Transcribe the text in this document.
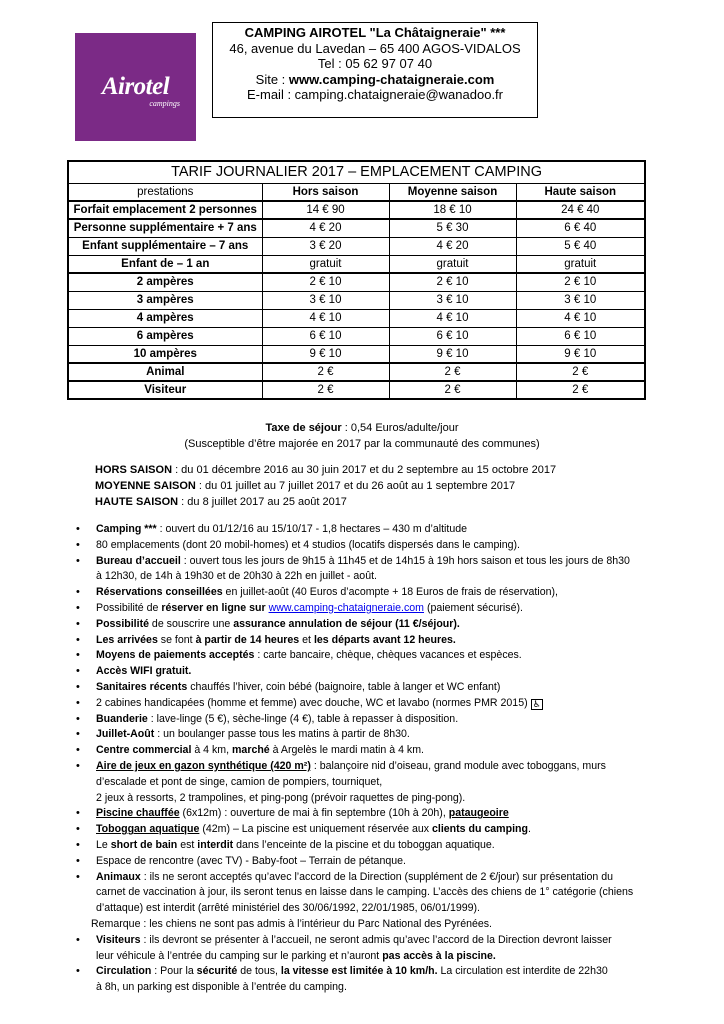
Airotel
campings
CAMPING AIROTEL "La Châtaigneraie" ***
46, avenue du Lavedan – 65 400 AGOS-VIDALOS
Tel : 05 62 97 07 40
Site : www.camping-chataigneraie.com
E-mail : camping.chataigneraie@wanadoo.fr
TARIF JOURNALIER 2017 – EMPLACEMENT CAMPING			
prestations	Hors saison	Moyenne saison	Haute saison
Forfait emplacement 2 personnes	14 € 90	18 € 10	24 € 40
Personne supplémentaire + 7 ans	4 € 20	5 € 30	6 € 40
Enfant supplémentaire – 7 ans	3 € 20	4 € 20	5 € 40
Enfant de – 1 an	gratuit	gratuit	gratuit
2 ampères	2 € 10	2 € 10	2 € 10
3 ampères	3 € 10	3 € 10	3 € 10
4 ampères	4 € 10	4 € 10	4 € 10
6 ampères	6 € 10	6 € 10	6 € 10
10 ampères	9 € 10	9 € 10	9 € 10
Animal	2 €	2 €	2 €
Visiteur	2 €	2 €	2 €
Taxe de séjour : 0,54 Euros/adulte/jour
(Susceptible d’être majorée en 2017 par la communauté des communes)
HORS SAISON : du 01 décembre 2016 au 30 juin 2017 et du 2 septembre au 15 octobre 2017
MOYENNE SAISON : du 01 juillet au 7 juillet 2017 et du 26 août au 1 septembre 2017
HAUTE SAISON : du 8 juillet 2017 au 25 août 2017
• Camping *** : ouvert du 01/12/16 au 15/10/17 - 1,8 hectares – 430 m d’altitude
• 80 emplacements (dont 20 mobil-homes) et 4 studios (locatifs dispersés dans le camping).
• Bureau d’accueil : ouvert tous les jours de 9h15 à 11h45 et de 14h15 à 19h hors saison et tous les jours de 8h30
à 12h30, de 14h à 19h30 et de 20h30 à 22h en juillet - août.
• Réservations conseillées en juillet-août (40 Euros d’acompte + 18 Euros de frais de réservation),
• Possibilité de réserver en ligne sur www.camping-chataigneraie.com (paiement sécurisé).
• Possibilité de souscrire une assurance annulation de séjour (11 €/séjour).
• Les arrivées se font à partir de 14 heures et les départs avant 12 heures.
• Moyens de paiements acceptés : carte bancaire, chèque, chèques vacances et espèces.
• Accès WIFI gratuit.
• Sanitaires récents chauffés l’hiver, coin bébé (baignoire, table à langer et WC enfant)
• 2 cabines handicapées (homme et femme) avec douche, WC et lavabo (normes PMR 2015) ♿
• Buanderie : lave-linge (5 €), sèche-linge (4 €), table à repasser à disposition.
• Juillet-Août : un boulanger passe tous les matins à partir de 8h30.
• Centre commercial à 4 km, marché à Argelès le mardi matin à 4 km.
• Aire de jeux en gazon synthétique (420 m²) : balançoire nid d’oiseau, grand module avec toboggans, murs
d’escalade et pont de singe, camion de pompiers, tourniquet,
2 jeux à ressorts, 2 trampolines, et ping-pong (prévoir raquettes de ping-pong).
• Piscine chauffée (6x12m) : ouverture de mai à fin septembre (10h à 20h), pataugeoire
• Toboggan aquatique (42m) – La piscine est uniquement réservée aux clients du camping.
• Le short de bain est interdit dans l’enceinte de la piscine et du toboggan aquatique.
• Espace de rencontre (avec TV) - Baby-foot – Terrain de pétanque.
• Animaux : ils ne seront acceptés qu’avec l’accord de la Direction (supplément de 2 €/jour) sur présentation du
carnet de vaccination à jour, ils seront tenus en laisse dans le camping. L’accès des chiens de 1° catégorie (chiens
d’attaque) est interdit (arrêté ministériel des 30/06/1992, 22/01/1985, 06/01/1999).
Remarque : les chiens ne sont pas admis à l’intérieur du Parc National des Pyrénées.
• Visiteurs : ils devront se présenter à l’accueil, ne seront admis qu’avec l’accord de la Direction devront laisser
leur véhicule à l’entrée du camping sur le parking et n’auront pas accès à la piscine.
• Circulation : Pour la sécurité de tous, la vitesse est limitée à 10 km/h. La circulation est interdite de 22h30
à 8h, un parking est disponible à l’entrée du camping.
